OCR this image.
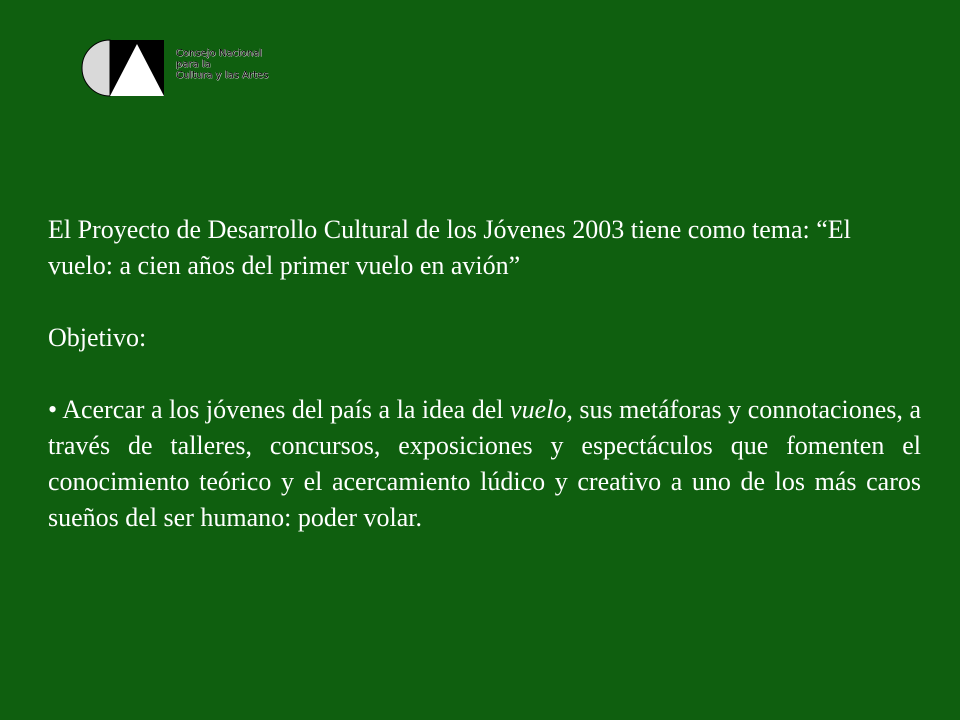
Consejo Nacional
para la
Cultura y las Artes

El Proyecto de Desarrollo Cultural de los Jóvenes 2003 tiene como tema: “El vuelo: a cien años del primer vuelo en avión”

Objetivo:

• Acercar a los jóvenes del país a la idea del vuelo, sus metáforas y connotaciones, a través de talleres, concursos, exposiciones y espectáculos que fomenten el conocimiento teórico y el acercamiento lúdico y creativo a uno de los más caros sueños del ser humano: poder volar.
